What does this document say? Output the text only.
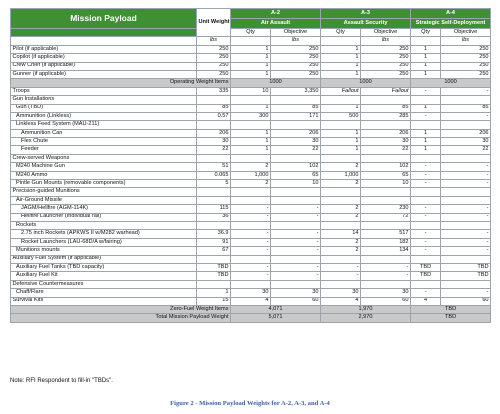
Mission Payload	Unit Weight	A-2		A-3		A-4	
		Air Assault		Assault Security		Strategic Self-Deployment	
		Qty	Objective	Qty	Objective	Qty	Objective
	lbs		lbs		lbs		lbs
Pilot (if applicable)	250	1	250	1	250	1	250
Copilot (if applicable)	250	1	250	1	250	1	250
Crew Chief (if applicable)	250	1	250	1	250	1	250
Gunner (if applicable)	250	1	250	1	250	1	250
Operating Weight Items		1000		1000		1000	
Troops	335	10	3,350	Fallout	Fallout	-	-
Gun Installations							
Gun (TBD)	85	1	85	1	85	1	85
Ammunition (Linkless)	0.57	300	171	500	285	-	-
Linkless Feed System (MAU-211)							
Ammunition Can	206	1	206	1	206	1	206
Flex Chute	30	1	30	1	30	1	30
Feeder	22	1	22	1	22	1	22
Crew-served Weapons							
M240 Machine Gun	51	2	102	2	102	-	-
M240 Ammo	0.065	1,000	65	1,000	65	-	-
Pintle Gun Mounts (removable components)	5	2	10	2	10	-	-
Precision-guided Munitions							
Air-Ground Missile							
JAGM/Hellfire (AGM-114K)	115	-	-	2	230	-	-
Hellfire Launcher (Individual rail)	36	-	-	2	72	-	-
Rockets							
2.75 inch Rockets (APKWS II w/M282 warhead)	36.9	-	-	14	517	-	-
Rocket Launchers (LAU-68D/A w/fairing)	91	-	-	2	182	-	-
Munitions mounts	67	-	-	2	134	-	-
Auxiliary Fuel System (if applicable)							
Auxiliary Fuel Tanks (TBD capacity)	TBD	-	-	-	-	TBD	TBD
Auxiliary Fuel Kit	TBD	-	-	-	-	TBD	TBD
Defensive Countermeasures							
Chaff/Flare	1	30	30	30	30	-	-
Survival Kits	15	4	60	4	60	4	60
Zero-Fuel Weight Items		4,071		1,970		TBD	
Total Mission Payload Weight		5,071		2,970		TBD	
Note: RFI Respondent to fill-in "TBDs".
Figure 2 - Mission Payload Weights for A-2, A-3, and A-4
